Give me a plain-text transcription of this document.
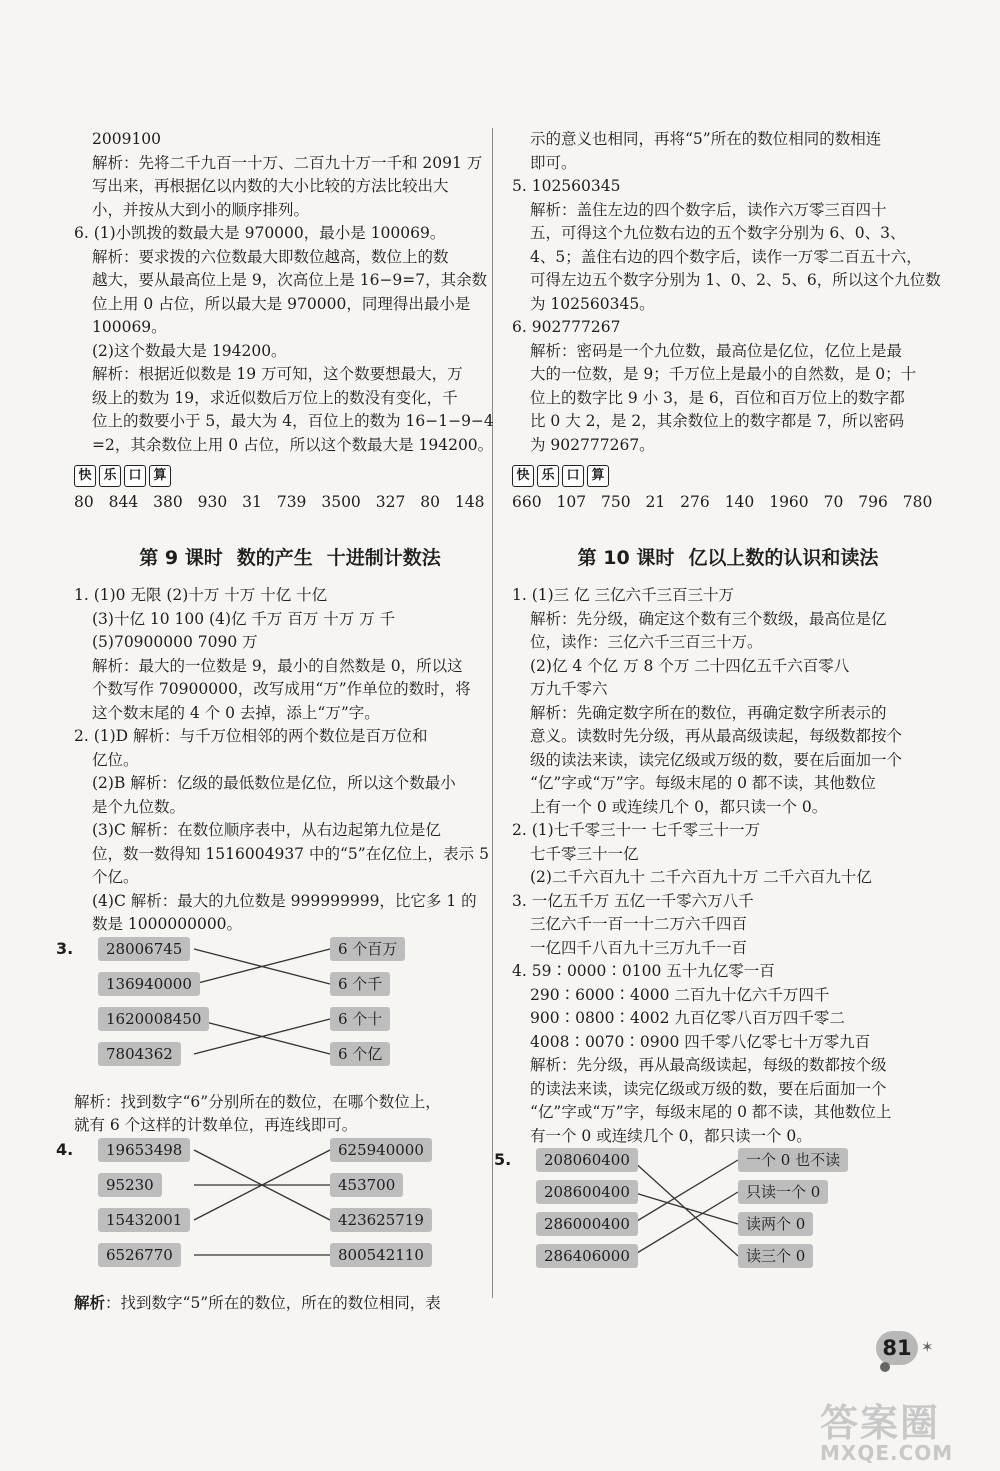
2009100
解析：先将二千九百一十万、二百九十万一千和 2091 万
写出来，再根据亿以内数的大小比较的方法比较出大
小，并按从大到小的顺序排列。
6. (1)小凯拨的数最大是 970000，最小是 100069。
解析：要求拨的六位数最大即数位越高，数位上的数
越大，要从最高位上是 9，次高位上是 16−9=7，其余数
位上用 0 占位，所以最大是 970000，同理得出最小是
100069。
(2)这个数最大是 194200。
解析：根据近似数是 19 万可知，这个数要想最大，万
级上的数为 19，求近似数后万位上的数没有变化，千
位上的数要小于 5，最大为 4，百位上的数为 16−1−9−4
=2，其余数位上用 0 占位，所以这个数最大是 194200。
快 乐 口 算
80 844 380 930 31 739 3500 327 80 148
第 9 课时 数的产生 十进制计数法
1. (1)0 无限 (2)十万 十万 十亿 十亿
(3)十亿 10 100 (4)亿 千万 百万 十万 万 千
(5)70900000 7090 万
解析：最大的一位数是 9，最小的自然数是 0，所以这
个数写作 70900000，改写成用“万”作单位的数时，将
这个数末尾的 4 个 0 去掉，添上“万”字。
2. (1)D 解析：与千万位相邻的两个数位是百万位和
亿位。
(2)B 解析：亿级的最低数位是亿位，所以这个数最小
是个九位数。
(3)C 解析：在数位顺序表中，从右边起第九位是亿
位，数一数得知 1516004937 中的“5”在亿位上，表示 5
个亿。
(4)C 解析：最大的九位数是 999999999，比它多 1 的
数是 1000000000。
3.	28006745
136940000
1620008450
7804362
6 个百万
6 个千
6 个十
6 个亿
解析：找到数字“6”分别所在的数位，在哪个数位上，
就有 6 个这样的计数单位，再连线即可。
4.	19653498
95230
15432001
6526770
625940000
453700
423625719
800542110
解析：找到数字“5”所在的数位，所在的数位相同，表
示的意义也相同，再将“5”所在的数位相同的数相连
即可。
5. 102560345
解析：盖住左边的四个数字后，读作六万零三百四十
五，可得这个九位数右边的五个数字分别为 6、0、3、
4、5；盖住右边的四个数字后，读作一万零二百五十六，
可得左边五个数字分别为 1、0、2、5、6，所以这个九位数
为 102560345。
6. 902777267
解析：密码是一个九位数，最高位是亿位，亿位上是最
大的一位数，是 9；千万位上是最小的自然数，是 0；十
位上的数字比 9 小 3，是 6，百位和百万位上的数字都
比 0 大 2，是 2，其余数位上的数字都是 7，所以密码
为 902777267。
快 乐 口 算
660 107 750 21 276 140 1960 70 796 780
第 10 课时 亿以上数的认识和读法
1. (1)三 亿 三亿六千三百三十万
解析：先分级，确定这个数有三个数级，最高位是亿
位，读作：三亿六千三百三十万。
(2)亿 4 个亿 万 8 个万 二十四亿五千六百零八
万九千零六
解析：先确定数字所在的数位，再确定数字所表示的
意义。读数时先分级，再从最高级读起，每级数都按个
级的读法来读，读完亿级或万级的数，要在后面加一个
“亿”字或“万”字。每级末尾的 0 都不读，其他数位
上有一个 0 或连续几个 0，都只读一个 0。
2. (1)七千零三十一 七千零三十一万
七千零三十一亿
(2)二千六百九十 二千六百九十万 二千六百九十亿
3. 一亿五千万 五亿一千零六万八千
三亿六千一百一十二万六千四百
一亿四千八百九十三万九千一百
4. 59∶0000∶0100 五十九亿零一百
290∶6000∶4000 二百九十亿六千万四千
900∶0800∶4002 九百亿零八百万四千零二
4008∶0070∶0900 四千零八亿零七十万零九百
解析：先分级，再从最高级读起，每级的数都按个级
的读法来读，读完亿级或万级的数，要在后面加一个
“亿”字或“万”字，每级末尾的 0 都不读，其他数位上
有一个 0 或连续几个 0，都只读一个 0。
5.	208060400
208600400
286000400
286406000
一个 0 也不读
只读一个 0
读两个 0
读三个 0
81 ✶
答案圈
MXQE.COM
